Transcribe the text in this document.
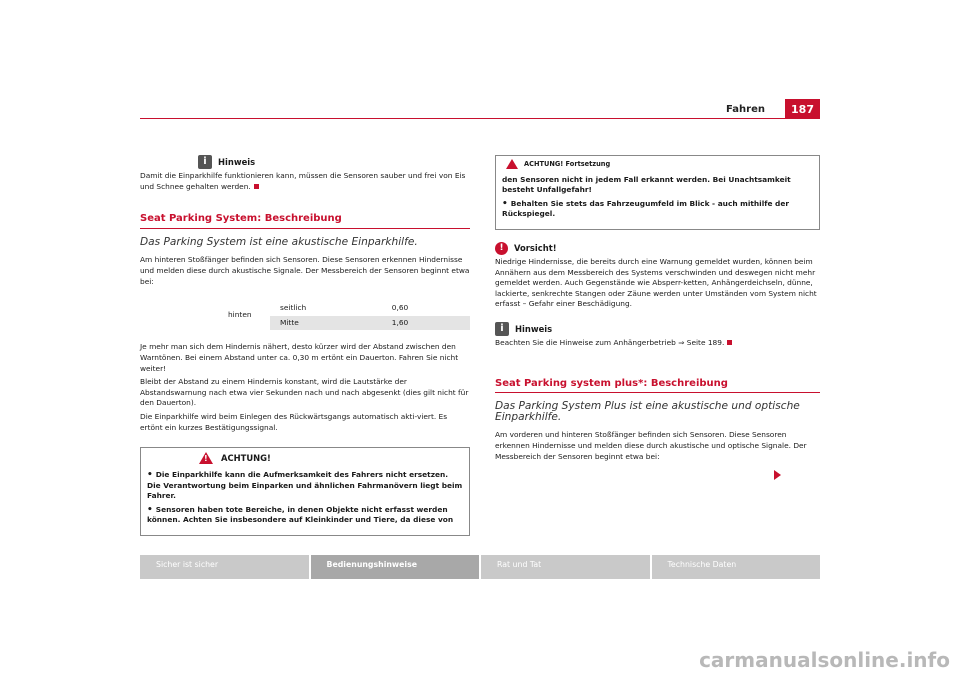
Fahren	187
i	Hinweis

Damit die Einparkhilfe funktionieren kann, müssen die Sensoren sauber und frei von Eis und Schnee gehalten werden.

Seat Parking System: Beschreibung
Das Parking System ist eine akustische Einparkhilfe.

Am hinteren Stoßfänger befinden sich Sensoren. Diese Sensoren erkennen Hindernisse und melden diese durch akustische Signale. Der Messbereich der Sensoren beginnt etwa bei:

hinten	seitlich	0,60
	Mitte	1,60

Je mehr man sich dem Hindernis nähert, desto kürzer wird der Abstand zwischen den Warntönen. Bei einem Abstand unter ca. 0,30 m ertönt ein Dauerton. Fahren Sie nicht weiter!

Bleibt der Abstand zu einem Hindernis konstant, wird die Lautstärke der Abstandswarnung nach etwa vier Sekunden nach und nach abgesenkt (dies gilt nicht für den Dauerton).

Die Einparkhilfe wird beim Einlegen des Rückwärtsgangs automatisch akti-viert. Es ertönt ein kurzes Bestätigungssignal.

! ACHTUNG!

• Die Einparkhilfe kann die Aufmerksamkeit des Fahrers nicht ersetzen. Die Verantwortung beim Einparken und ähnlichen Fahrmanövern liegt beim Fahrer.

• Sensoren haben tote Bereiche, in denen Objekte nicht erfasst werden können. Achten Sie insbesondere auf Kleinkinder und Tiere, da diese von

ACHTUNG! Fortsetzung

den Sensoren nicht in jedem Fall erkannt werden. Bei Unachtsamkeit besteht Unfallgefahr!

• Behalten Sie stets das Fahrzeugumfeld im Blick - auch mithilfe der Rückspiegel.

!	Vorsicht!

Niedrige Hindernisse, die bereits durch eine Warnung gemeldet wurden, können beim Annähern aus dem Messbereich des Systems verschwinden und deswegen nicht mehr gemeldet werden. Auch Gegenstände wie Absperr-ketten, Anhängerdeichseln, dünne, lackierte, senkrechte Stangen oder Zäune werden unter Umständen vom System nicht erfasst – Gefahr einer Beschädigung.

i	Hinweis

Beachten Sie die Hinweise zum Anhängerbetrieb ⇒ Seite 189.

Seat Parking system plus*: Beschreibung
Das Parking System Plus ist eine akustische und optische Einparkhilfe.

Am vorderen und hinteren Stoßfänger befinden sich Sensoren. Diese Sensoren erkennen Hindernisse und melden diese durch akustische und optische Signale. Der Messbereich der Sensoren beginnt etwa bei:

Sicher ist sicher	Bedienungshinweise	Rat und Tat	Technische Daten
carmanualsonline.info
